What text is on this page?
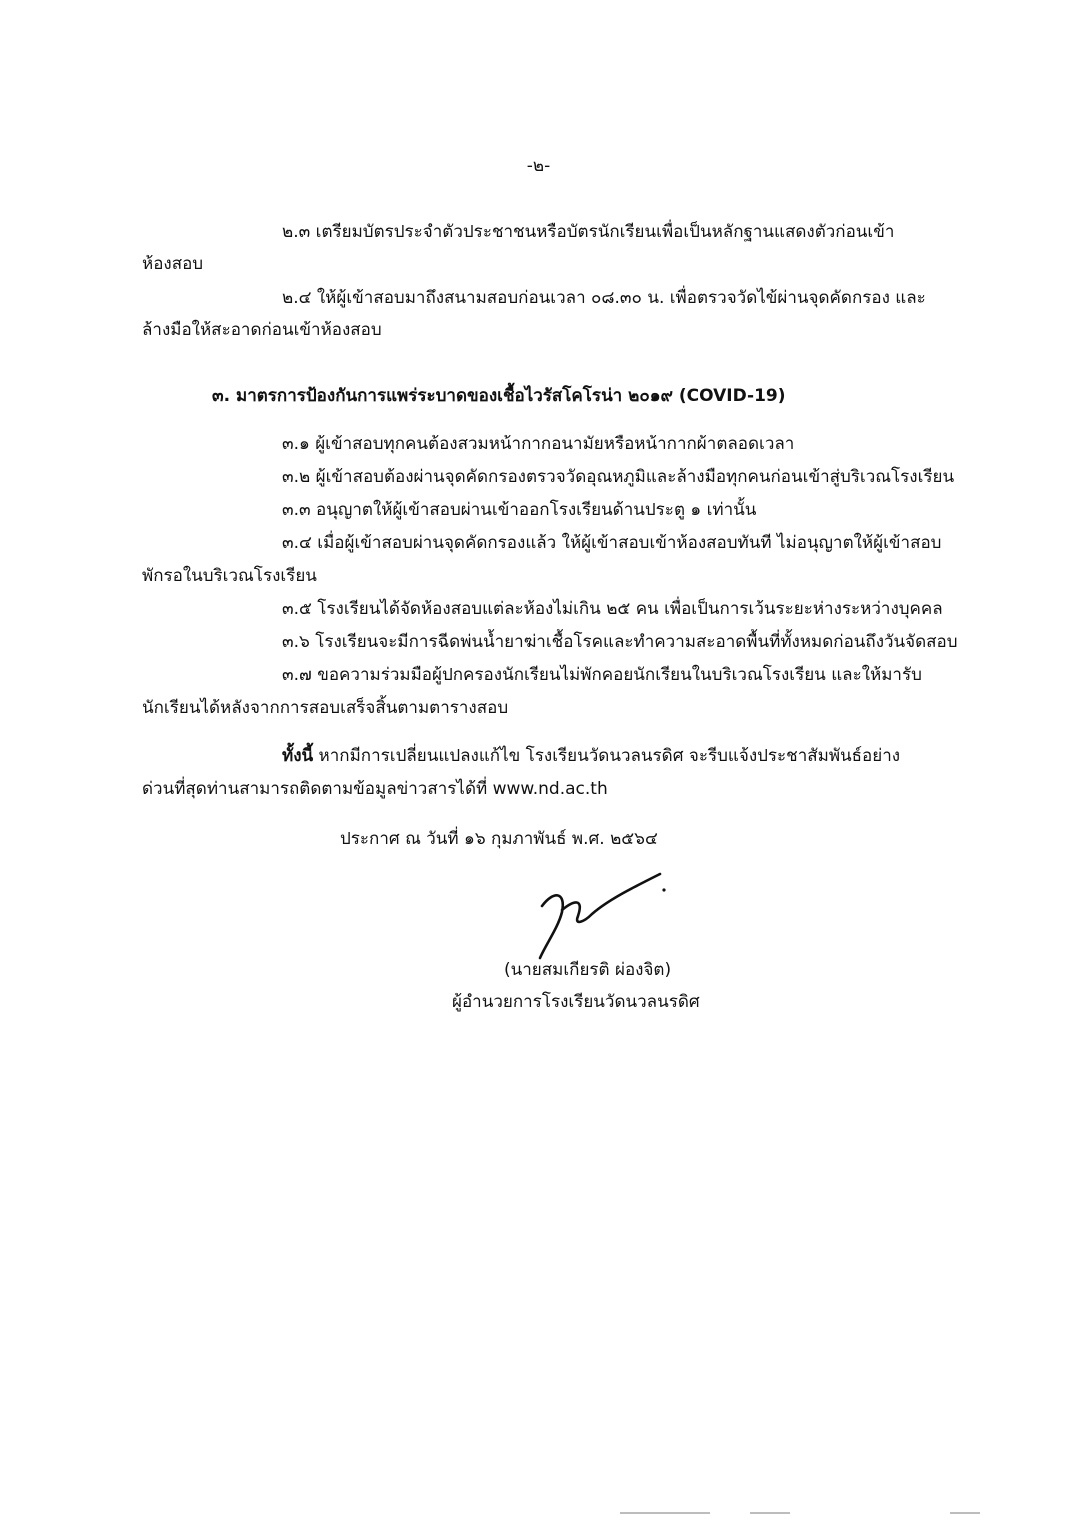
-๒-
๒.๓ เตรียมบัตรประจำตัวประชาชนหรือบัตรนักเรียนเพื่อเป็นหลักฐานแสดงตัวก่อนเข้า
ห้องสอบ
๒.๔ ให้ผู้เข้าสอบมาถึงสนามสอบก่อนเวลา ๐๘.๓๐ น. เพื่อตรวจวัดไข้ผ่านจุดคัดกรอง และ
ล้างมือให้สะอาดก่อนเข้าห้องสอบ
๓. มาตรการป้องกันการแพร่ระบาดของเชื้อไวรัสโคโรน่า ๒๐๑๙ (COVID-19)
๓.๑ ผู้เข้าสอบทุกคนต้องสวมหน้ากากอนามัยหรือหน้ากากผ้าตลอดเวลา
๓.๒ ผู้เข้าสอบต้องผ่านจุดคัดกรองตรวจวัดอุณหภูมิและล้างมือทุกคนก่อนเข้าสู่บริเวณโรงเรียน
๓.๓ อนุญาตให้ผู้เข้าสอบผ่านเข้าออกโรงเรียนด้านประตู ๑ เท่านั้น
๓.๔ เมื่อผู้เข้าสอบผ่านจุดคัดกรองแล้ว ให้ผู้เข้าสอบเข้าห้องสอบทันที ไม่อนุญาตให้ผู้เข้าสอบ
พักรอในบริเวณโรงเรียน
๓.๕ โรงเรียนได้จัดห้องสอบแต่ละห้องไม่เกิน ๒๕ คน เพื่อเป็นการเว้นระยะห่างระหว่างบุคคล
๓.๖ โรงเรียนจะมีการฉีดพ่นน้ำยาฆ่าเชื้อโรคและทำความสะอาดพื้นที่ทั้งหมดก่อนถึงวันจัดสอบ
๓.๗ ขอความร่วมมือผู้ปกครองนักเรียนไม่พักคอยนักเรียนในบริเวณโรงเรียน และให้มารับ
นักเรียนได้หลังจากการสอบเสร็จสิ้นตามตารางสอบ
ทั้งนี้ หากมีการเปลี่ยนแปลงแก้ไข โรงเรียนวัดนวลนรดิศ จะรีบแจ้งประชาสัมพันธ์อย่าง
ด่วนที่สุดท่านสามารถติดตามข้อมูลข่าวสารได้ที่ www.nd.ac.th
ประกาศ ณ วันที่ ๑๖ กุมภาพันธ์ พ.ศ. ๒๕๖๔
(นายสมเกียรติ ผ่องจิต)
ผู้อำนวยการโรงเรียนวัดนวลนรดิศ
